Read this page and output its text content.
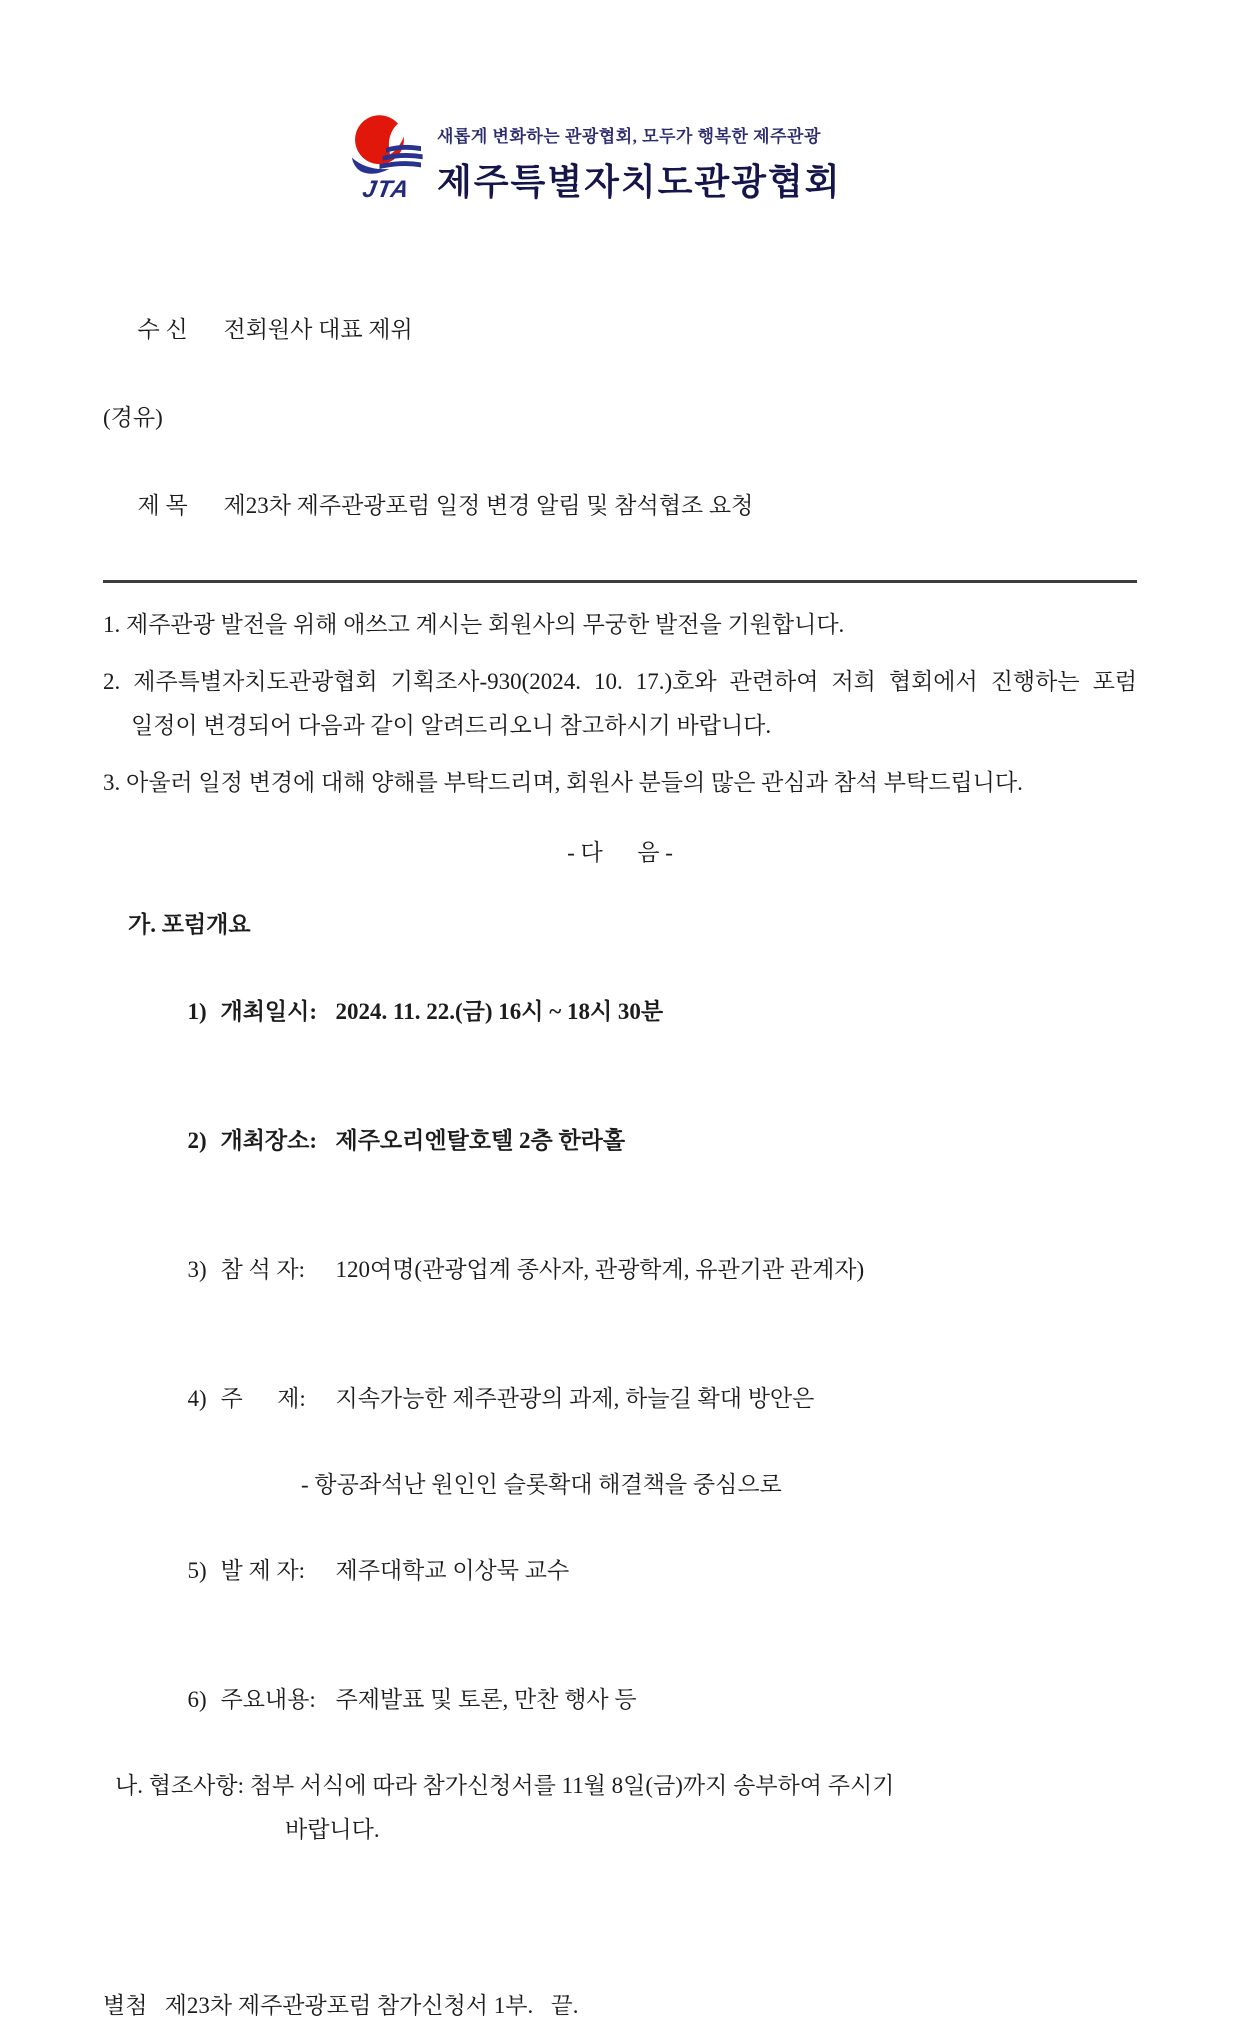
JTA
새롭게 변화하는 관광협회, 모두가 행복한 제주관광
제주특별자치도관광협회

수 신 전회원사 대표 제위

(경유)

제 목 제23차 제주관광포럼 일정 변경 알림 및 참석협조 요청

1. 제주관광 발전을 위해 애쓰고 계시는 회원사의 무궁한 발전을 기원합니다.

2. 제주특별자치도관광협회 기획조사-930(2024. 10. 17.)호와 관련하여 저희 협회에서 진행하는 포럼 일정이 변경되어 다음과 같이 알려드리오니 참고하시기 바랍니다.

3. 아울러 일정 변경에 대해 양해를 부탁드리며, 회원사 분들의 많은 관심과 참석 부탁드립니다.

- 다      음 -

가. 포럼개요

1) 개최일시: 2024. 11. 22.(금) 16시 ~ 18시 30분

2) 개최장소: 제주오리엔탈호텔 2층 한라홀

3) 참 석 자: 120여명(관광업계 종사자, 관광학계, 유관기관 관계자)

4) 주      제: 지속가능한 제주관광의 과제, 하늘길 확대 방안은

- 항공좌석난 원인인 슬롯확대 해결책을 중심으로

5) 발 제 자: 제주대학교 이상묵 교수

6) 주요내용: 주제발표 및 토론, 만찬 행사 등

나. 협조사항: 첨부 서식에 따라 참가신청서를 11월 8일(금)까지 송부하여 주시기
바랍니다.
별첨   제23차 제주관광포럼 참가신청서 1부.   끝.
